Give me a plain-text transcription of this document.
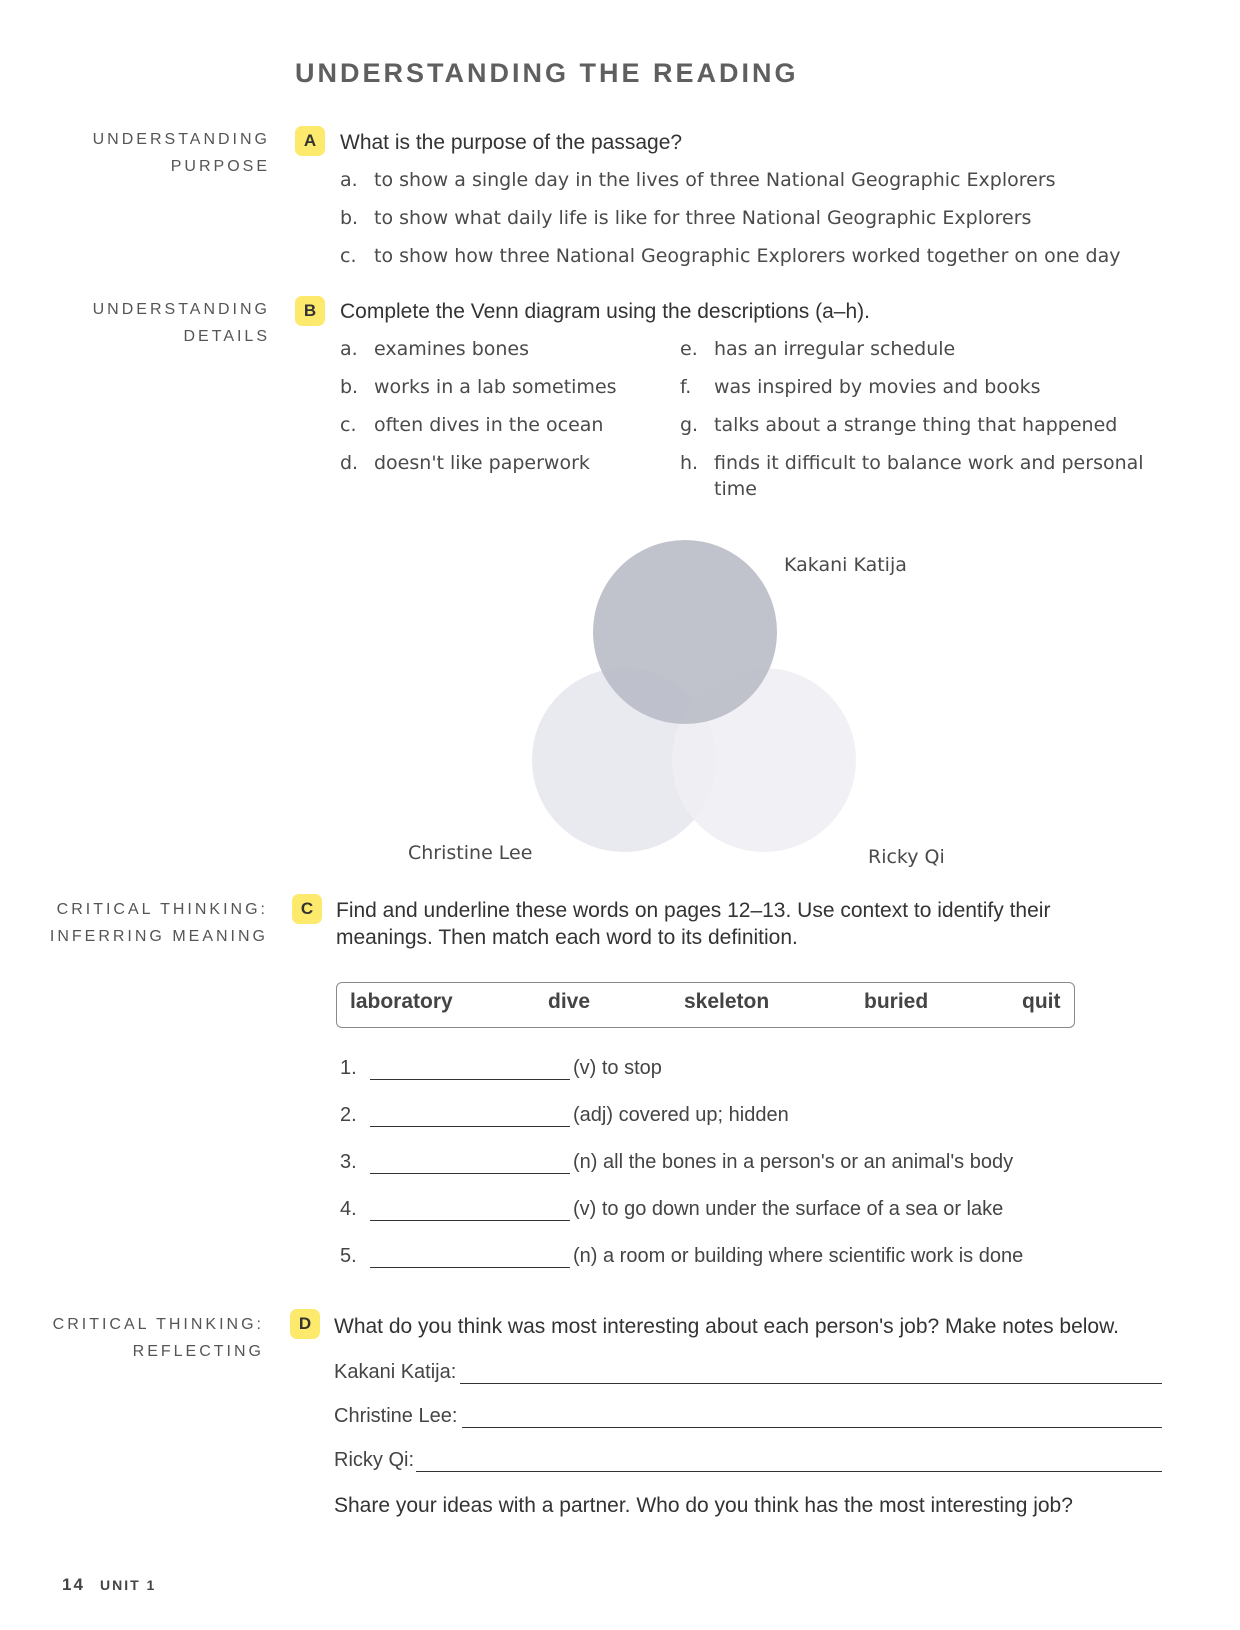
UNDERSTANDING THE READING
UNDERSTANDING
PURPOSE
A	What is the purpose of the passage?
a. to show a single day in the lives of three National Geographic Explorers
b. to show what daily life is like for three National Geographic Explorers
c. to show how three National Geographic Explorers worked together on one day
UNDERSTANDING
DETAILS
B	Complete the Venn diagram using the descriptions (a–h).
a. examines bones
b. works in a lab sometimes
c. often dives in the ocean
d. doesn't like paperwork
e. has an irregular schedule
f. was inspired by movies and books
g. talks about a strange thing that happened
h. finds it difficult to balance work and personal
time
Kakani Katija
Christine Lee	Ricky Qi
CRITICAL THINKING:
INFERRING MEANING
C	Find and underline these words on pages 12–13. Use context to identify their
meanings. Then match each word to its definition.
laboratory	dive	skeleton	buried	quit
1.	(v) to stop
2.	(adj) covered up; hidden
3.	(n) all the bones in a person's or an animal's body
4.	(v) to go down under the surface of a sea or lake
5.	(n) a room or building where scientific work is done
CRITICAL THINKING:
REFLECTING
D	What do you think was most interesting about each person's job? Make notes below.
Kakani Katija:
Christine Lee:
Ricky Qi:
Share your ideas with a partner. Who do you think has the most interesting job?
14 UNIT 1
